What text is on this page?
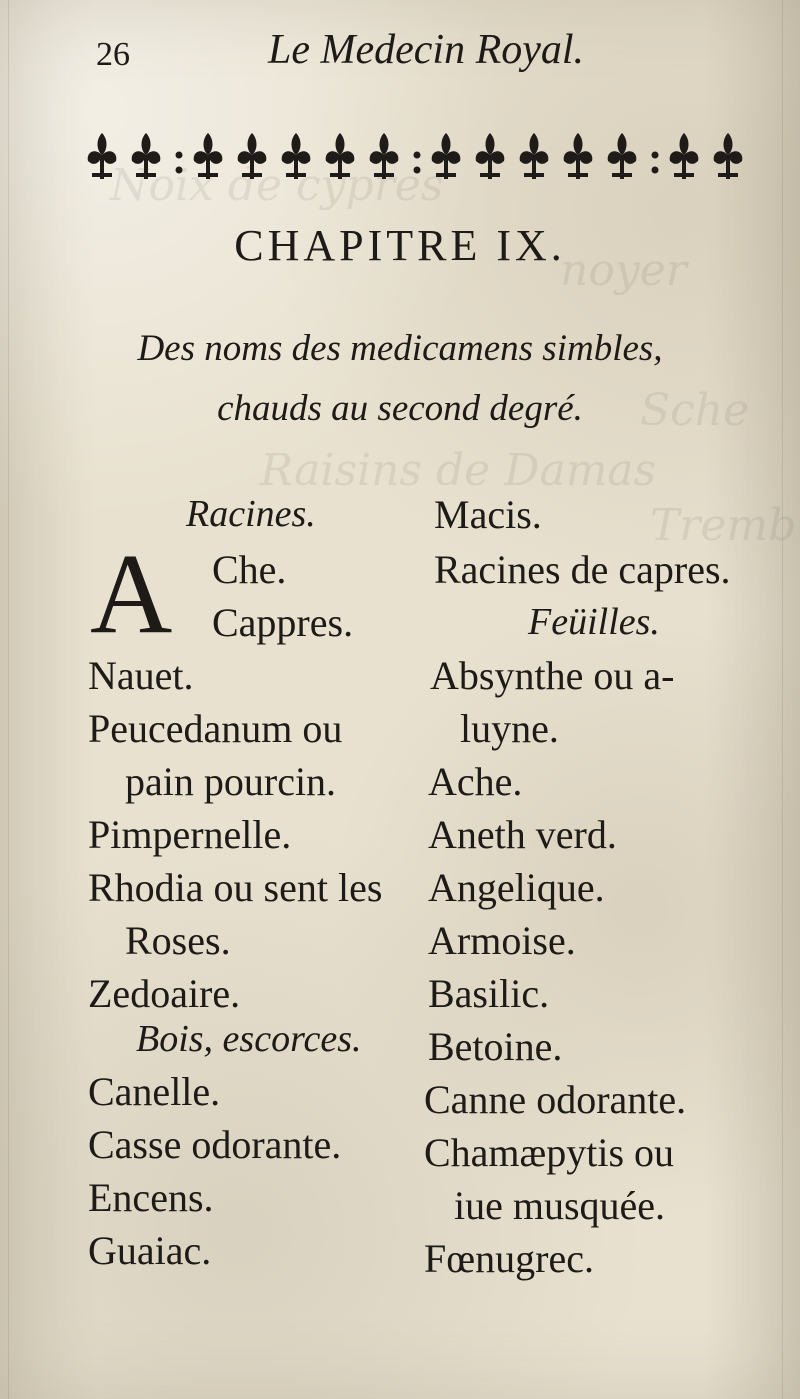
Noix de cypres
noyer
Sche
Tremb
Raisins de Damas
26	Le Medecin Royal.
CHAPITRE IX.
Des noms des medicamens simbles,
chauds au second degré.
Racines.
A Che.
Cappres.
Nauet.
Peucedanum ou
pain pourcin.
Pimpernelle.
Rhodia ou sent les
Roses.
Zedoaire.
Bois, escorces.
Canelle.
Casse odorante.
Encens.
Guaiac.
Macis.
Racines de capres.
Feüilles.
Absynthe ou a-
luyne.
Ache.
Aneth verd.
Angelique.
Armoise.
Basilic.
Betoine.
Canne odorante.
Chamæpytis ou
iue musquée.
Fœnugrec.
